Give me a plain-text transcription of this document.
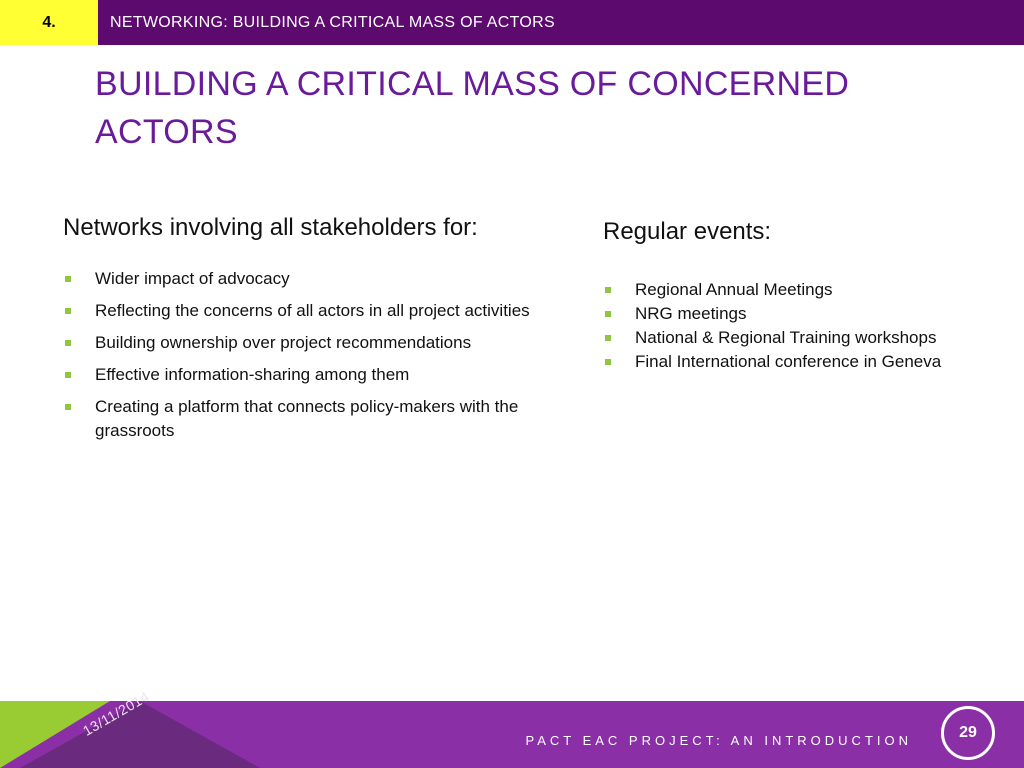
4.	NETWORKING: BUILDING A CRITICAL MASS OF ACTORS
BUILDING A CRITICAL MASS OF CONCERNED ACTORS

Networks involving all stakeholders for:

Wider impact of advocacy
Reflecting the concerns of all actors in all project activities
Building ownership over project recommendations
Effective information-sharing among them
Creating a platform that connects policy-makers with the grassroots

Regular events:

Regional Annual Meetings
NRG meetings
National & Regional Training workshops
Final International conference in Geneva
13/11/2014
PACT EAC PROJECT: AN INTRODUCTION	29
